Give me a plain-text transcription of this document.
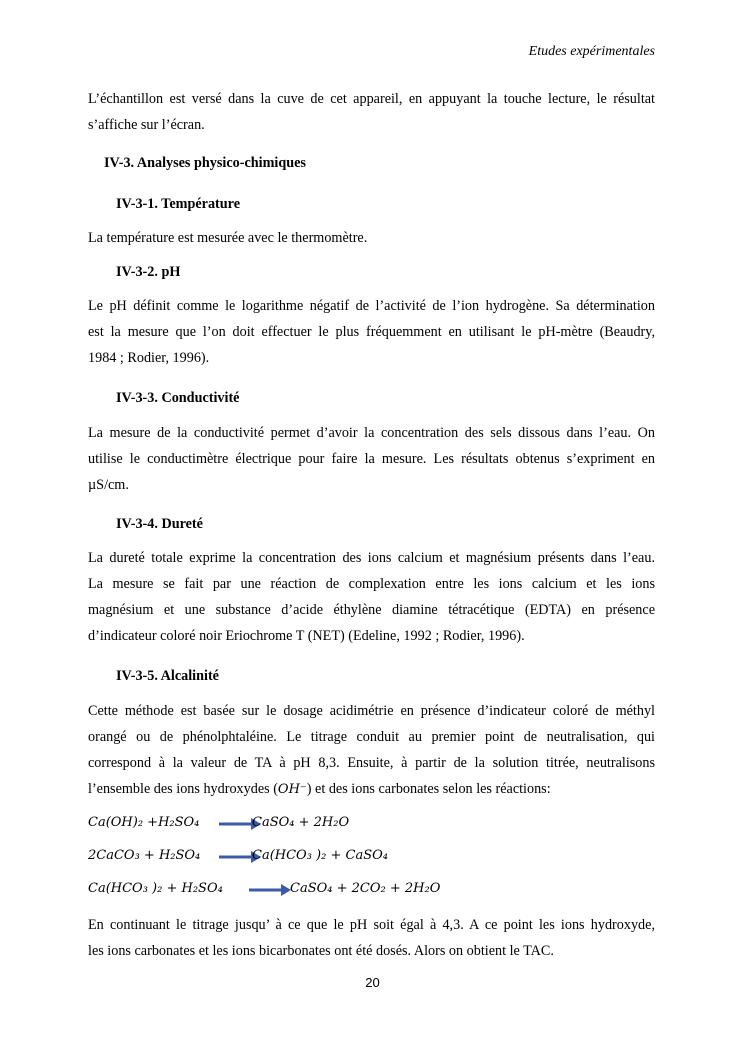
Etudes expérimentales
L’échantillon est versé dans la cuve de cet appareil, en appuyant la touche lecture, le résultat
s’affiche sur l’écran.
IV-3. Analyses physico-chimiques
IV-3-1. Température
La température est mesurée avec le thermomètre.
IV-3-2. pH
Le pH définit comme le logarithme négatif de l’activité de l’ion hydrogène. Sa détermination
est la mesure que l’on doit effectuer le plus fréquemment en utilisant le pH-mètre (Beaudry,
1984 ; Rodier, 1996).
IV-3-3. Conductivité
La mesure de la conductivité permet d’avoir la concentration des sels dissous dans l’eau. On
utilise le conductimètre électrique pour faire la mesure. Les résultats obtenus s’expriment en
µS/cm.
IV-3-4. Dureté
La dureté totale exprime la concentration des ions calcium et magnésium présents dans l’eau.
La mesure se fait par une réaction de complexation entre les ions calcium et les ions
magnésium et une substance d’acide éthylène diamine tétracétique (EDTA) en présence
d’indicateur coloré noir Eriochrome T (NET) (Edeline, 1992 ; Rodier, 1996).
IV-3-5. Alcalinité
Cette méthode est basée sur le dosage acidimétrie en présence d’indicateur coloré de méthyl
orangé ou de phénolphtaléine. Le titrage conduit au premier point de neutralisation, qui
correspond à la valeur de TA à pH 8,3. Ensuite, à partir de la solution titrée, neutralisons
l’ensemble des ions hydroxydes (OH⁻) et des ions carbonates selon les réactions:
Ca(OH)₂ +H₂SO₄ →
CaSO₄ + 2H₂O
2CaCO₃ + H₂SO₄ →
Ca(HCO₃ )₂ + CaSO₄
Ca(HCO₃ )₂ + H₂SO₄	CaSO₄ + 2CO₂ + 2H₂O
En continuant le titrage jusqu’ à ce que le pH soit égal à 4,3. A ce point les ions hydroxyde,
les ions carbonates et les ions bicarbonates ont été dosés. Alors on obtient le TAC.
20
